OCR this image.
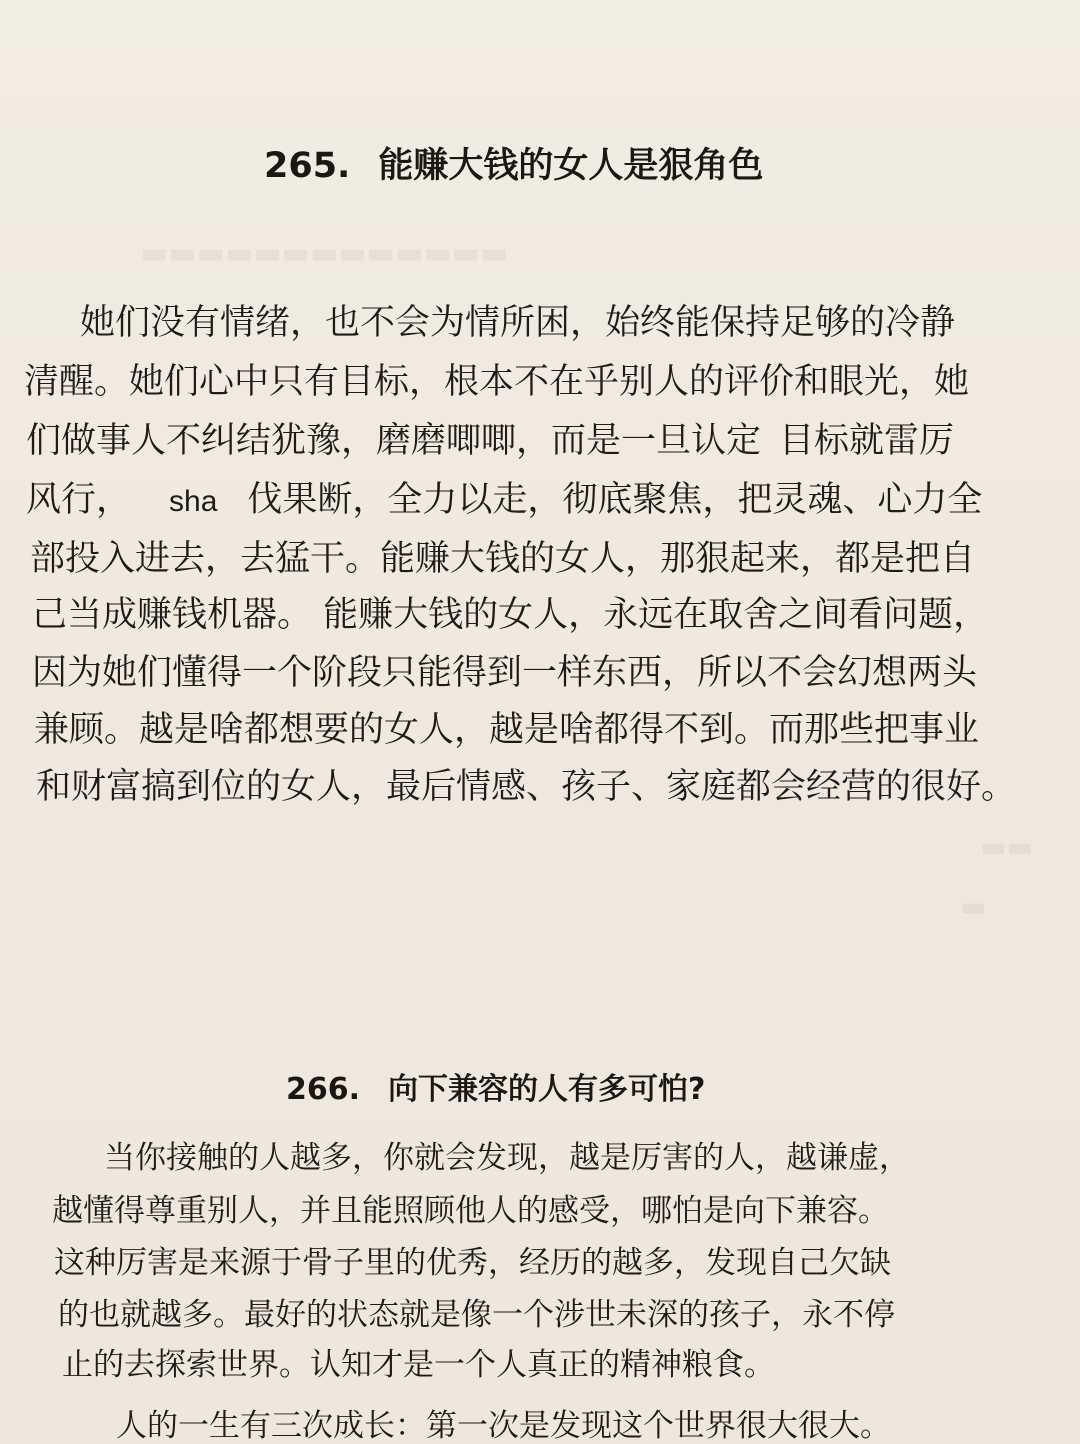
▬▬▬▬▬▬▬▬▬▬▬▬▬
▬▬
▬
265. 能赚大钱的女人是狠角色
她们没有情绪，也不会为情所困，始终能保持足够的冷静
清醒。她们心中只有目标，根本不在乎别人的评价和眼光，她
们做事人不纠结犹豫，磨磨唧唧，而是一旦认定 目标就雷厉
风行， sha 伐果断，全力以走，彻底聚焦，把灵魂、心力全
部投入进去，去猛干。能赚大钱的女人，那狠起来，都是把自
己当成赚钱机器。 能赚大钱的女人，永远在取舍之间看问题，
因为她们懂得一个阶段只能得到一样东西，所以不会幻想两头
兼顾。越是啥都想要的女人，越是啥都得不到。而那些把事业
和财富搞到位的女人，最后情感、孩子、家庭都会经营的很好。
266. 向下兼容的人有多可怕?
当你接触的人越多，你就会发现，越是厉害的人，越谦虚，
越懂得尊重别人，并且能照顾他人的感受，哪怕是向下兼容。
这种厉害是来源于骨子里的优秀，经历的越多，发现自己欠缺
的也就越多。最好的状态就是像一个涉世未深的孩子，永不停
止的去探索世界。认知才是一个人真正的精神粮食。
人的一生有三次成长：第一次是发现这个世界很大很大。
